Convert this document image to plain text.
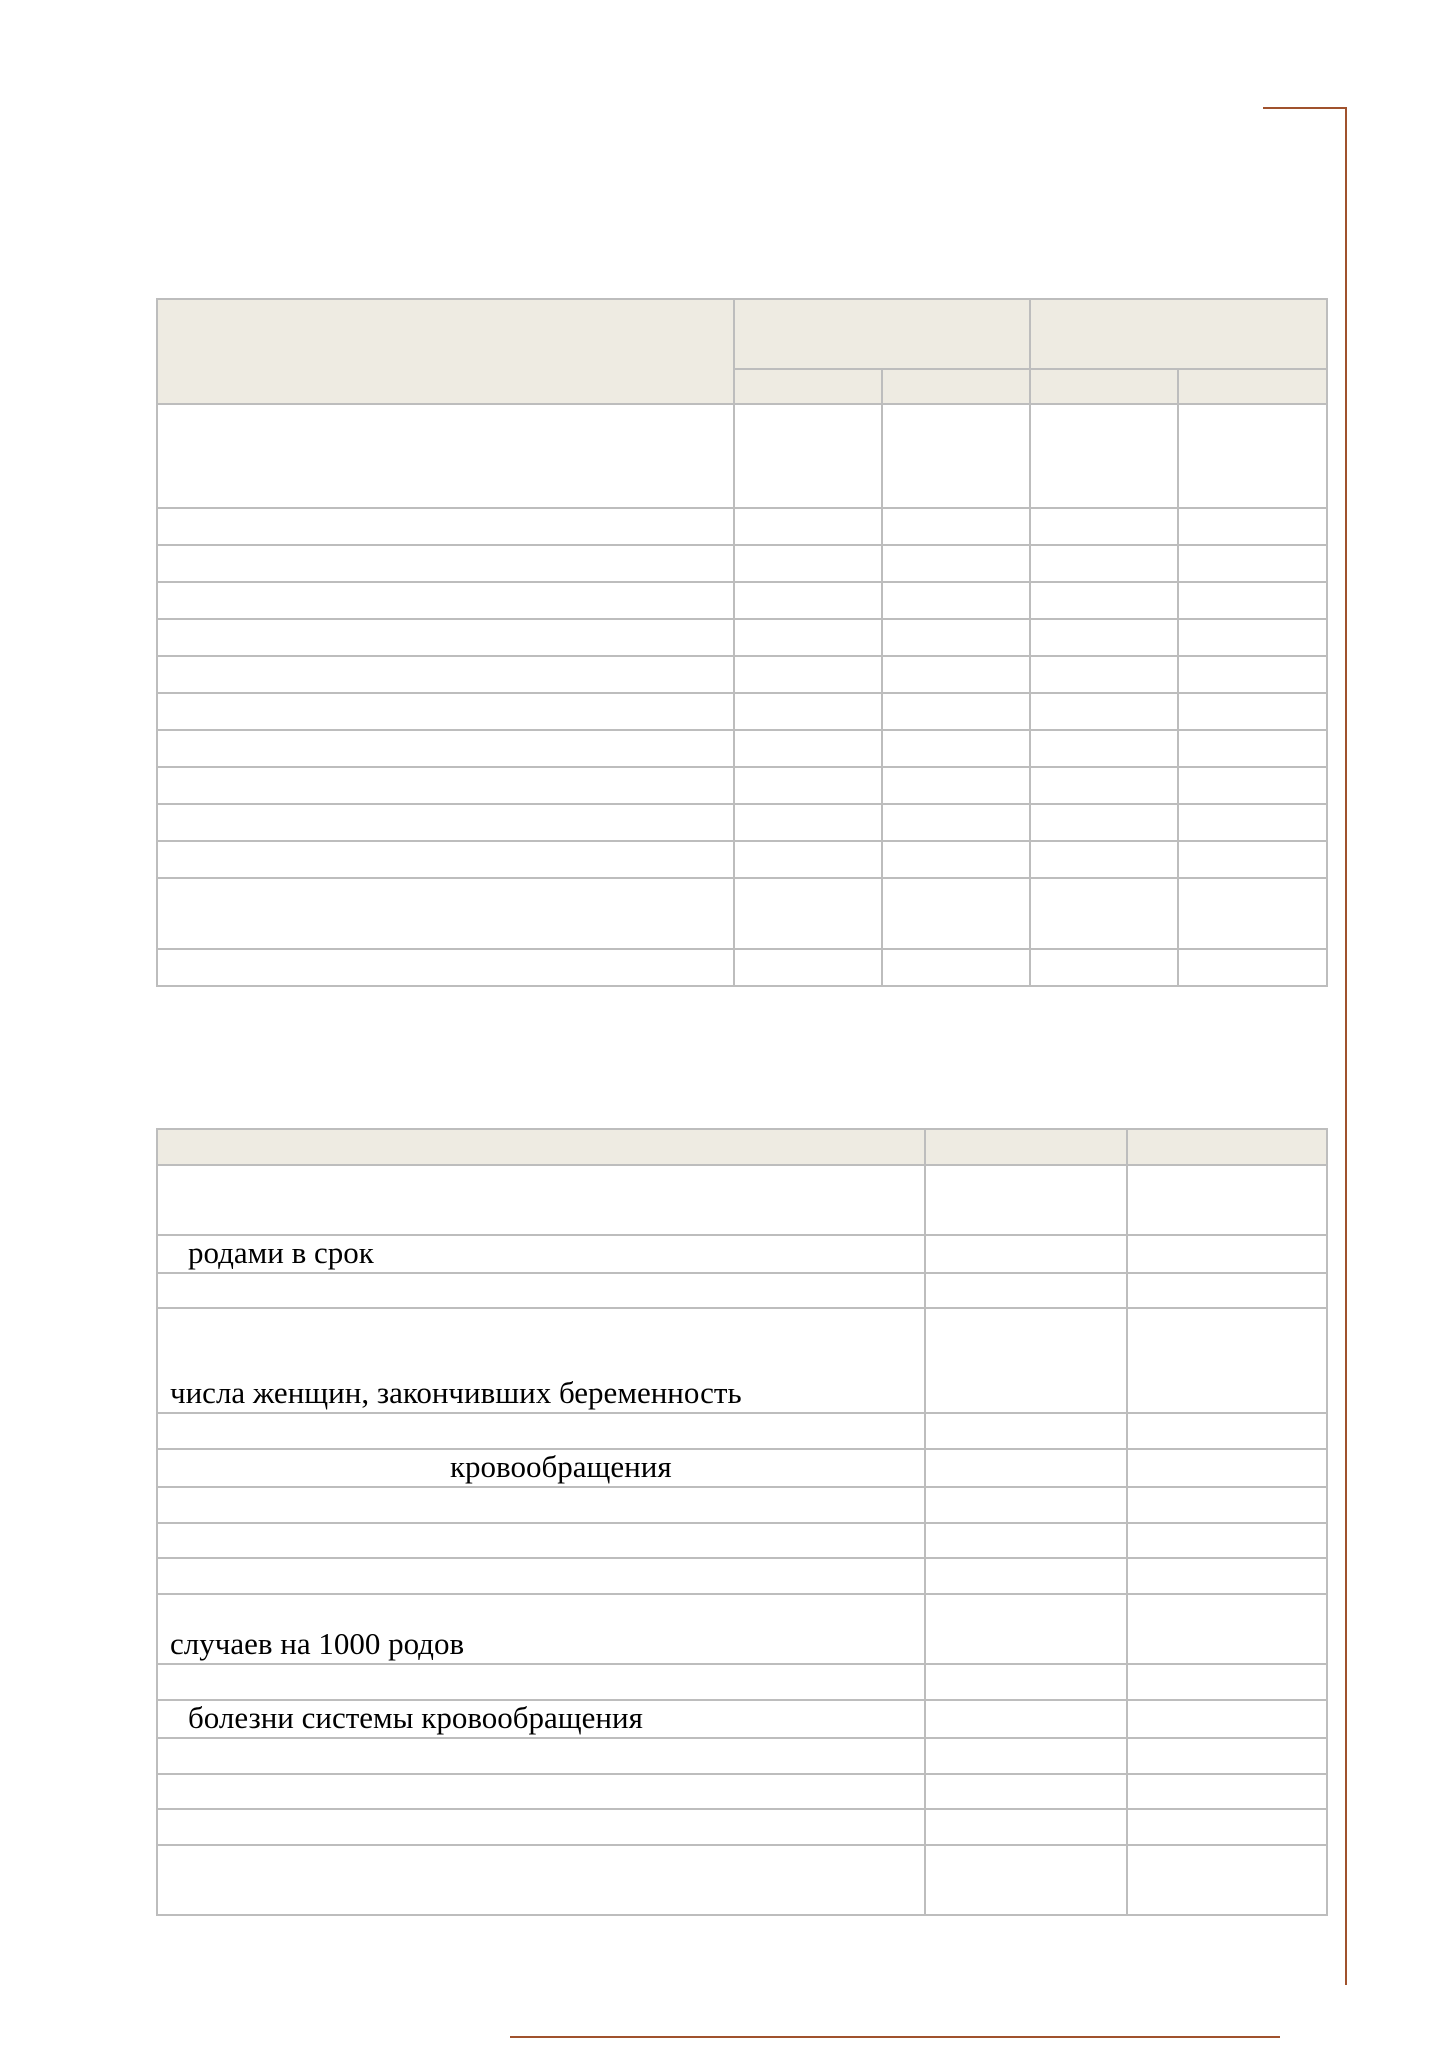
родами в срок		

числа женщин, закончивших беременность		

кровообращения		

случаев на 1000 родов		

болезни системы кровообращения		
